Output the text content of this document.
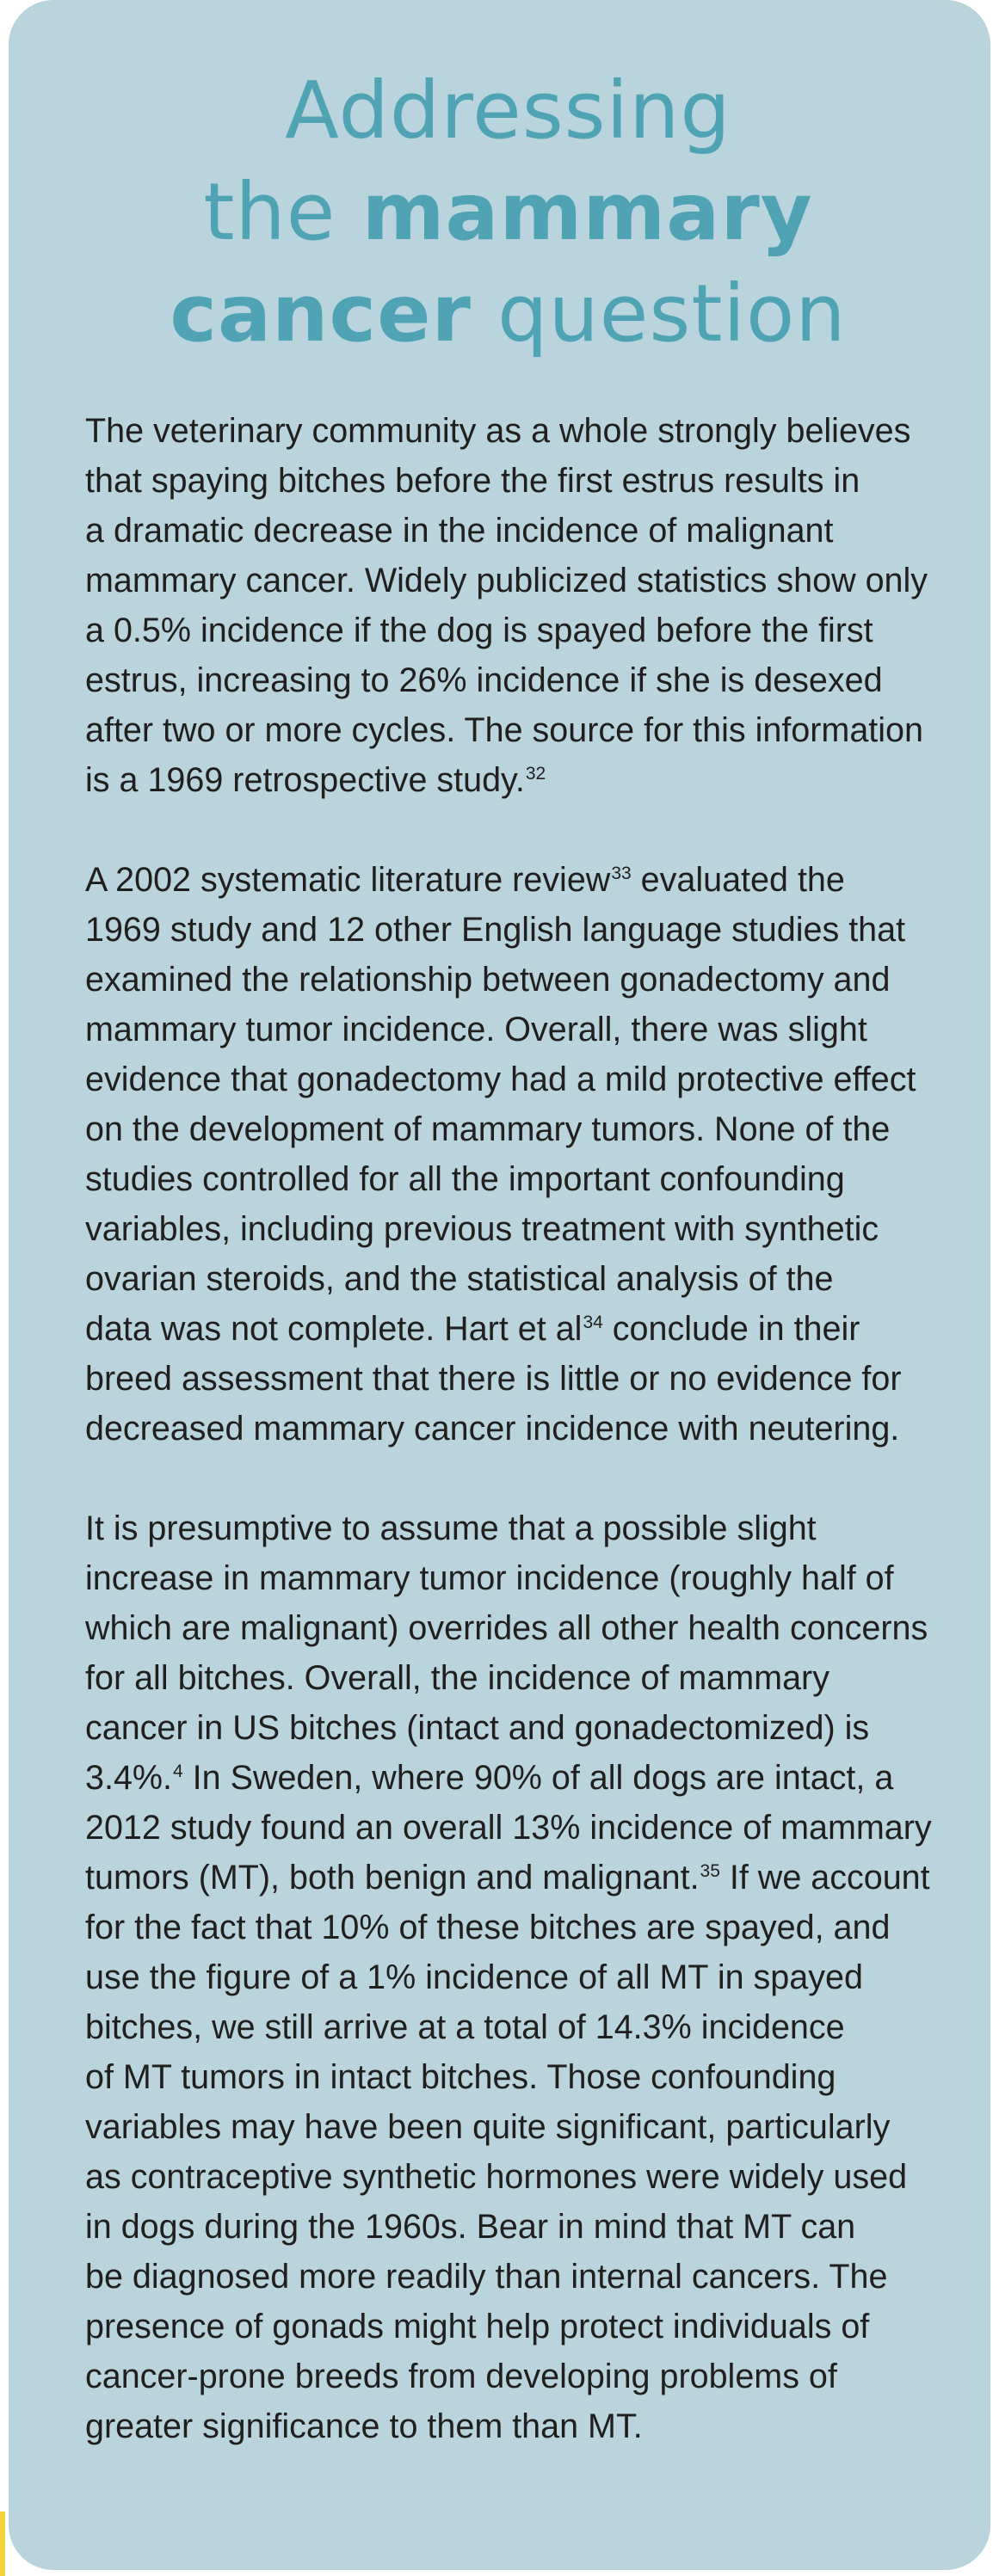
Addressing
the mammary
cancer question

The veterinary community as a whole strongly believes
that spaying bitches before the first estrus results in
a dramatic decrease in the incidence of malignant
mammary cancer. Widely publicized statistics show only
a 0.5% incidence if the dog is spayed before the first
estrus, increasing to 26% incidence if she is desexed
after two or more cycles. The source for this information
is a 1969 retrospective study.$^{32}$

A 2002 systematic literature review$^{33}$ evaluated the
1969 study and 12 other English language studies that
examined the relationship between gonadectomy and
mammary tumor incidence. Overall, there was slight
evidence that gonadectomy had a mild protective effect
on the development of mammary tumors. None of the
studies controlled for all the important confounding
variables, including previous treatment with synthetic
ovarian steroids, and the statistical analysis of the
data was not complete. Hart et $al^{34}$ conclude in their
breed assessment that there is little or no evidence for
decreased mammary cancer incidence with neutering.

It is presumptive to assume that a possible slight
increase in mammary tumor incidence (roughly half of
which are malignant) overrides all other health concerns
for all bitches. Overall, the incidence of mammary
cancer in US bitches (intact and gonadectomized) is
3.4%.$^4$ In Sweden, where 90% of all dogs are intact, a
2012 study found an overall 13% incidence of mammary
tumors (MT), both benign and malignant.$^{35}$ If we account
for the fact that 10% of these bitches are spayed, and
use the figure of a 1% incidence of all MT in spayed
bitches, we still arrive at a total of 14.3% incidence
of MT tumors in intact bitches. Those confounding
variables may have been quite significant, particularly
as contraceptive synthetic hormones were widely used
in dogs during the 1960s. Bear in mind that MT can
be diagnosed more readily than internal cancers. The
presence of gonads might help protect individuals of
cancer-prone breeds from developing problems of
greater significance to them than MT.
